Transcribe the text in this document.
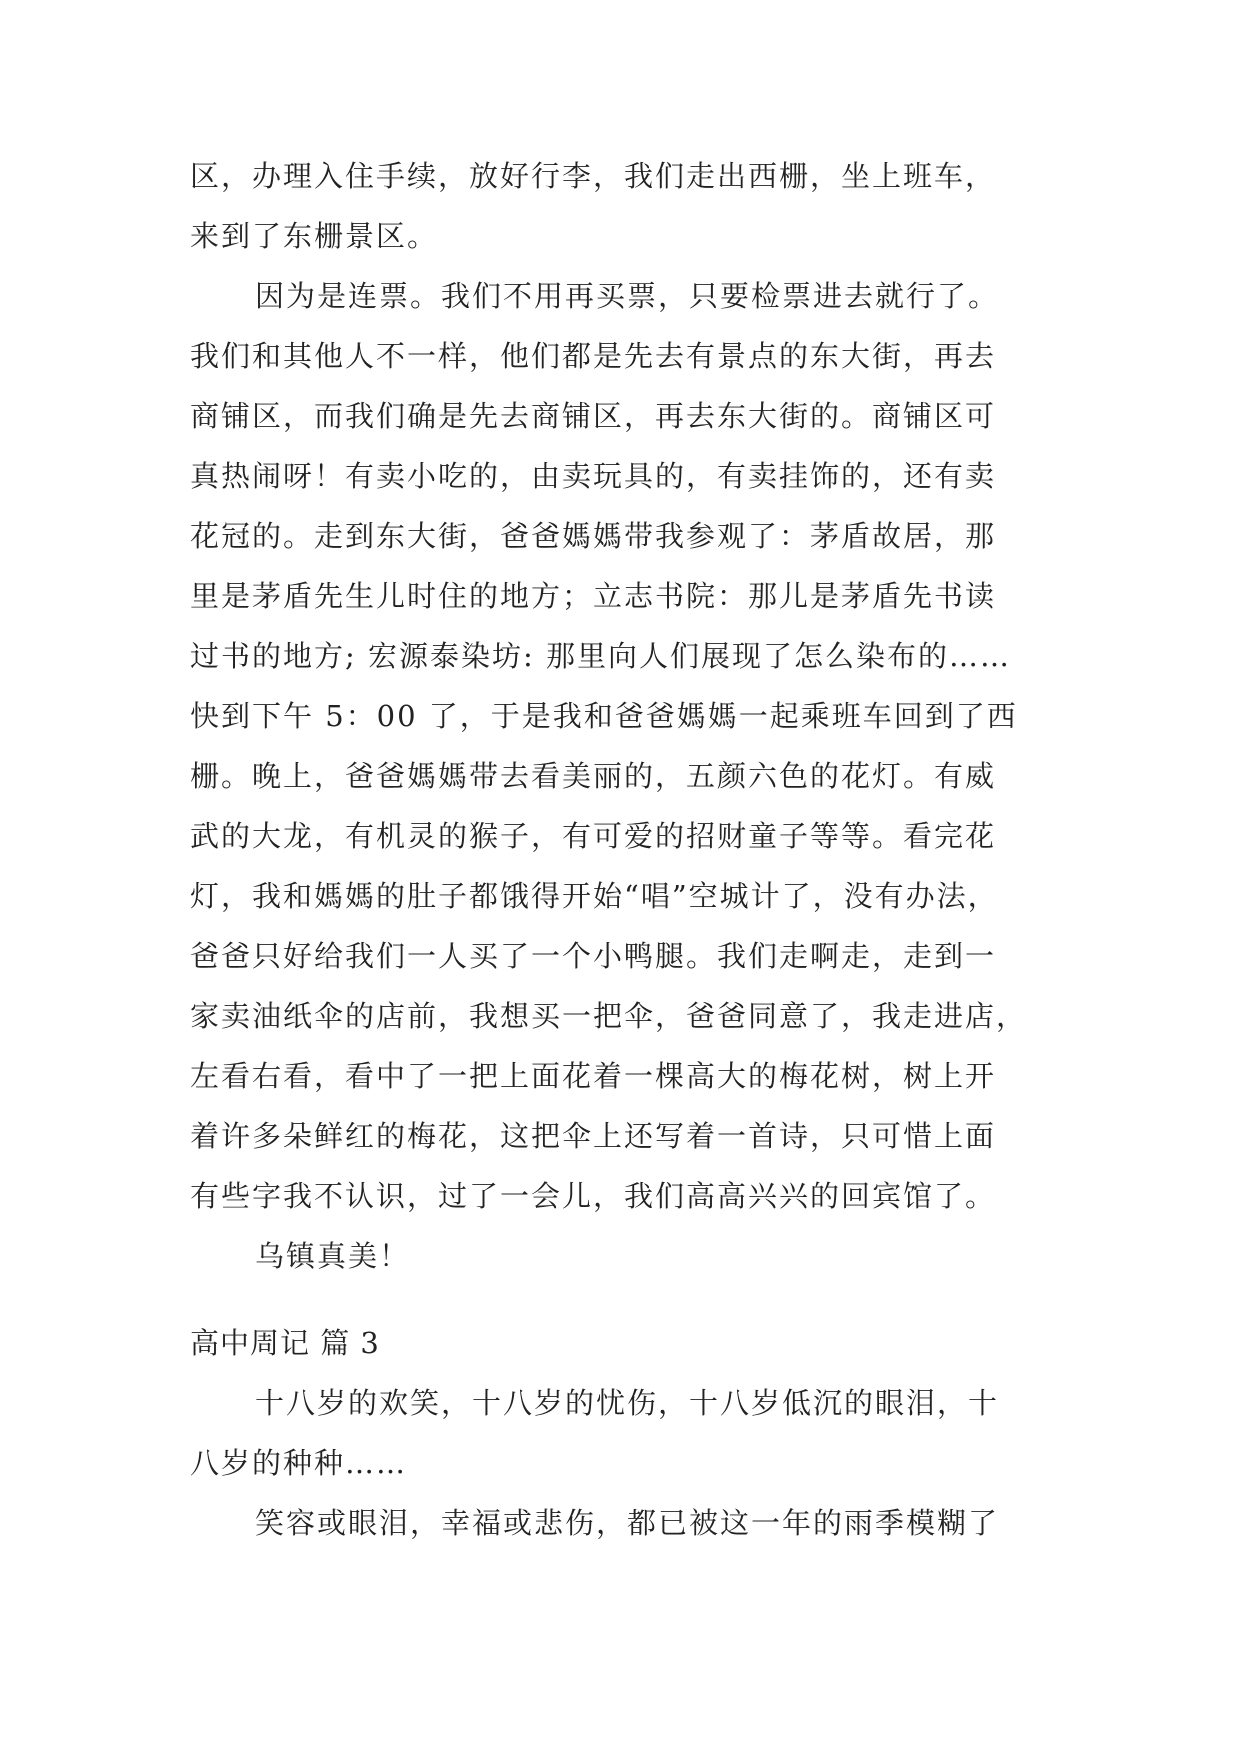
区，办理入住手续，放好行李，我们走出西栅，坐上班车，
来到了东栅景区。
因为是连票。我们不用再买票，只要检票进去就行了。
我们和其他人不一样，他们都是先去有景点的东大街，再去
商铺区，而我们确是先去商铺区，再去东大街的。商铺区可
真热闹呀！有卖小吃的，由卖玩具的，有卖挂饰的，还有卖
花冠的。走到东大街，爸爸媽媽带我参观了：茅盾故居，那
里是茅盾先生儿时住的地方；立志书院：那儿是茅盾先书读
过书的地方; 宏源泰染坊: 那里向人们展现了怎么染布的……
快到下午 5：00 了，于是我和爸爸媽媽一起乘班车回到了西
栅。晚上，爸爸媽媽带去看美丽的，五颜六色的花灯。有威
武的大龙，有机灵的猴子，有可爱的招财童子等等。看完花
灯，我和媽媽的肚子都饿得开始“唱”空城计了，没有办法，
爸爸只好给我们一人买了一个小鸭腿。我们走啊走，走到一
家卖油纸伞的店前，我想买一把伞，爸爸同意了，我走进店，
左看右看，看中了一把上面花着一棵高大的梅花树，树上开
着许多朵鲜红的梅花，这把伞上还写着一首诗，只可惜上面
有些字我不认识，过了一会儿，我们高高兴兴的回宾馆了。
乌镇真美！
高中周记 篇 3
十八岁的欢笑，十八岁的忧伤，十八岁低沉的眼泪，十
八岁的种种……
笑容或眼泪，幸福或悲伤，都已被这一年的雨季模糊了
